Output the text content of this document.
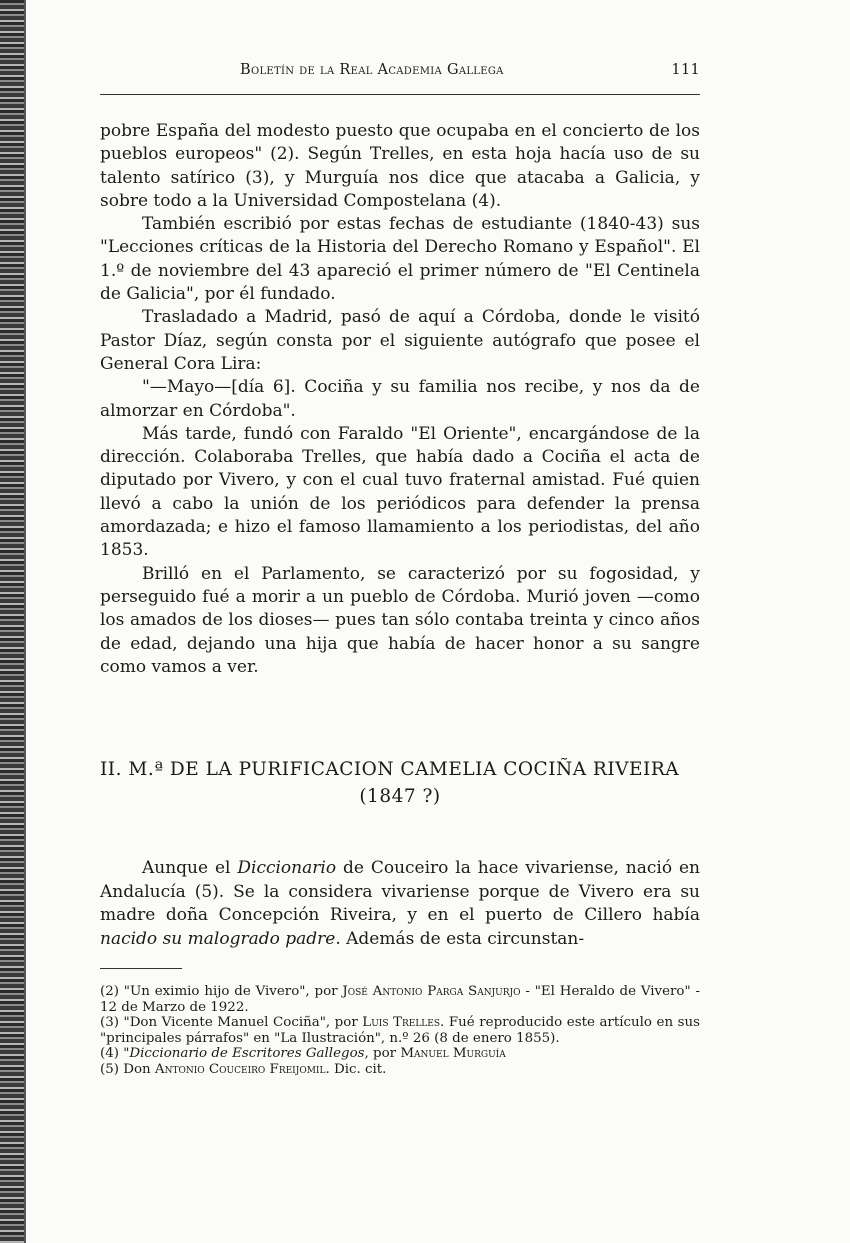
Boletín de la Real Academia Gallega	111

pobre España del modesto puesto que ocupaba en el concierto de los pueblos europeos" (2). Según Trelles, en esta hoja hacía uso de su talento satírico (3), y Murguía nos dice que atacaba a Galicia, y sobre todo a la Universidad Compostelana (4).

También escribió por estas fechas de estudiante (1840-43) sus "Lecciones críticas de la Historia del Derecho Romano y Español". El 1.º de noviembre del 43 apareció el primer número de "El Centinela de Galicia", por él fundado.

Trasladado a Madrid, pasó de aquí a Córdoba, donde le visitó Pastor Díaz, según consta por el siguiente autógrafo que posee el General Cora Lira:

"—Mayo—[día 6]. Cociña y su familia nos recibe, y nos da de almorzar en Córdoba".

Más tarde, fundó con Faraldo "El Oriente", encargándose de la dirección. Colaboraba Trelles, que había dado a Cociña el acta de diputado por Vivero, y con el cual tuvo fraternal amistad. Fué quien llevó a cabo la unión de los periódicos para defender la prensa amordazada; e hizo el famoso llamamiento a los periodistas, del año 1853.

Brilló en el Parlamento, se caracterizó por su fogosidad, y perseguido fué a morir a un pueblo de Córdoba. Murió joven —como los amados de los dioses— pues tan sólo contaba treinta y cinco años de edad, dejando una hija que había de hacer honor a su sangre como vamos a ver.

II. M.ª DE LA PURIFICACION CAMELIA COCIÑA RIVEIRA
(1847 ?)

Aunque el Diccionario de Couceiro la hace vivariense, nació en Andalucía (5). Se la considera vivariense porque de Vivero era su madre doña Concepción Riveira, y en el puerto de Cillero había nacido su malogrado padre. Además de esta circunstan-

(2) "Un eximio hijo de Vivero", por José Antonio Parga Sanjurjo - "El Heraldo de Vivero" - 12 de Marzo de 1922.

(3) "Don Vicente Manuel Cociña", por Luis Trelles. Fué reproducido este artículo en sus "principales párrafos" en "La Ilustración", n.º 26 (8 de enero 1855).

(4) "Diccionario de Escritores Gallegos, por Manuel Murguía

(5) Don Antonio Couceiro Freijomil. Dic. cit.
